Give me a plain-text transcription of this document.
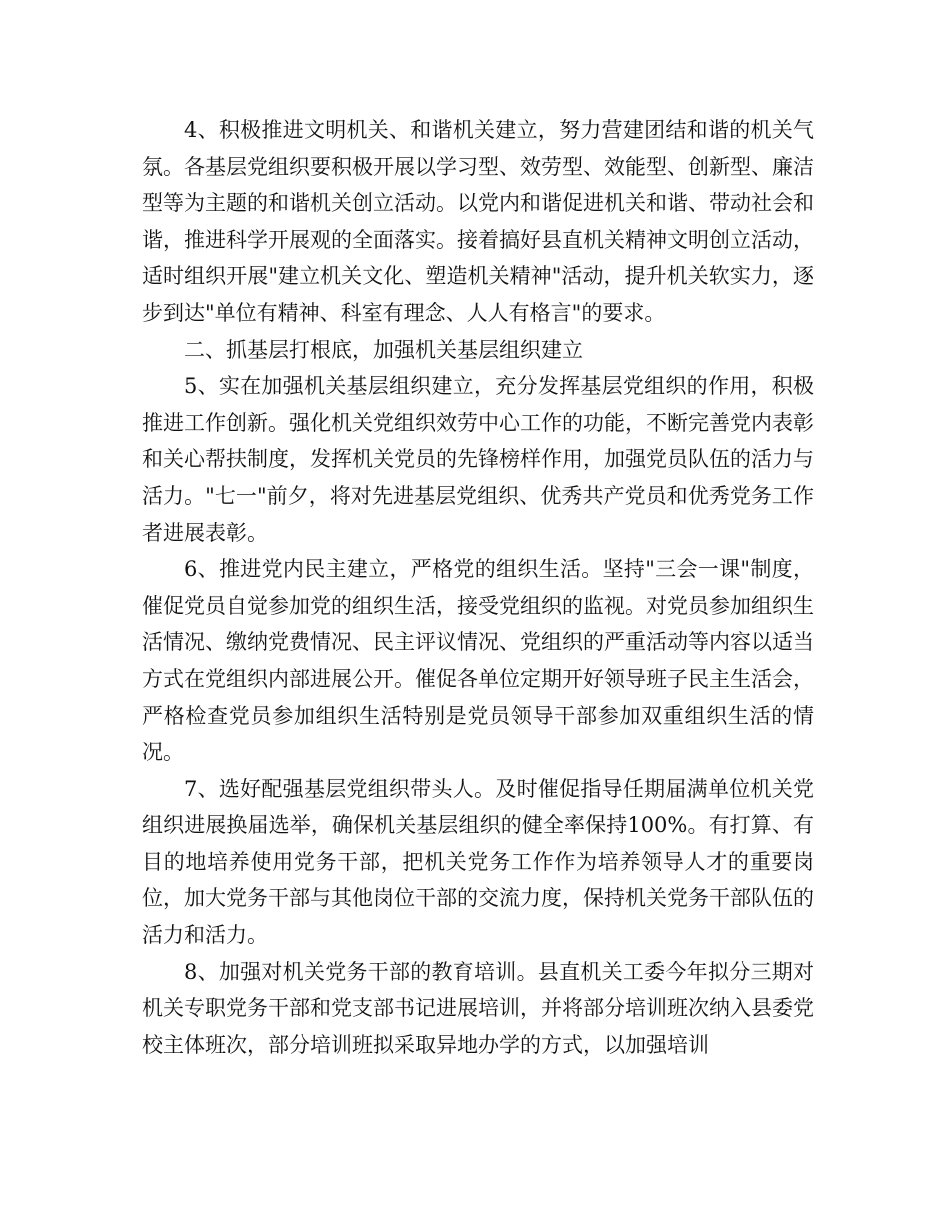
4、积极推进文明机关、和谐机关建立，努力营建团结和谐的机关气氛。各基层党组织要积极开展以学习型、效劳型、效能型、创新型、廉洁型等为主题的和谐机关创立活动。以党内和谐促进机关和谐、带动社会和谐，推进科学开展观的全面落实。接着搞好县直机关精神文明创立活动，适时组织开展"建立机关文化、塑造机关精神"活动，提升机关软实力，逐步到达"单位有精神、科室有理念、人人有格言"的要求。

二、抓基层打根底，加强机关基层组织建立

5、实在加强机关基层组织建立，充分发挥基层党组织的作用，积极推进工作创新。强化机关党组织效劳中心工作的功能，不断完善党内表彰和关心帮扶制度，发挥机关党员的先锋榜样作用，加强党员队伍的活力与活力。"七一"前夕，将对先进基层党组织、优秀共产党员和优秀党务工作者进展表彰。

6、推进党内民主建立，严格党的组织生活。坚持"三会一课"制度，催促党员自觉参加党的组织生活，接受党组织的监视。对党员参加组织生活情况、缴纳党费情况、民主评议情况、党组织的严重活动等内容以适当方式在党组织内部进展公开。催促各单位定期开好领导班子民主生活会，严格检查党员参加组织生活特别是党员领导干部参加双重组织生活的情况。

7、选好配强基层党组织带头人。及时催促指导任期届满单位机关党组织进展换届选举，确保机关基层组织的健全率保持100%。有打算、有目的地培养使用党务干部，把机关党务工作作为培养领导人才的重要岗位，加大党务干部与其他岗位干部的交流力度，保持机关党务干部队伍的活力和活力。

8、加强对机关党务干部的教育培训。县直机关工委今年拟分三期对机关专职党务干部和党支部书记进展培训，并将部分培训班次纳入县委党校主体班次，部分培训班拟采取异地办学的方式，以加强培训
